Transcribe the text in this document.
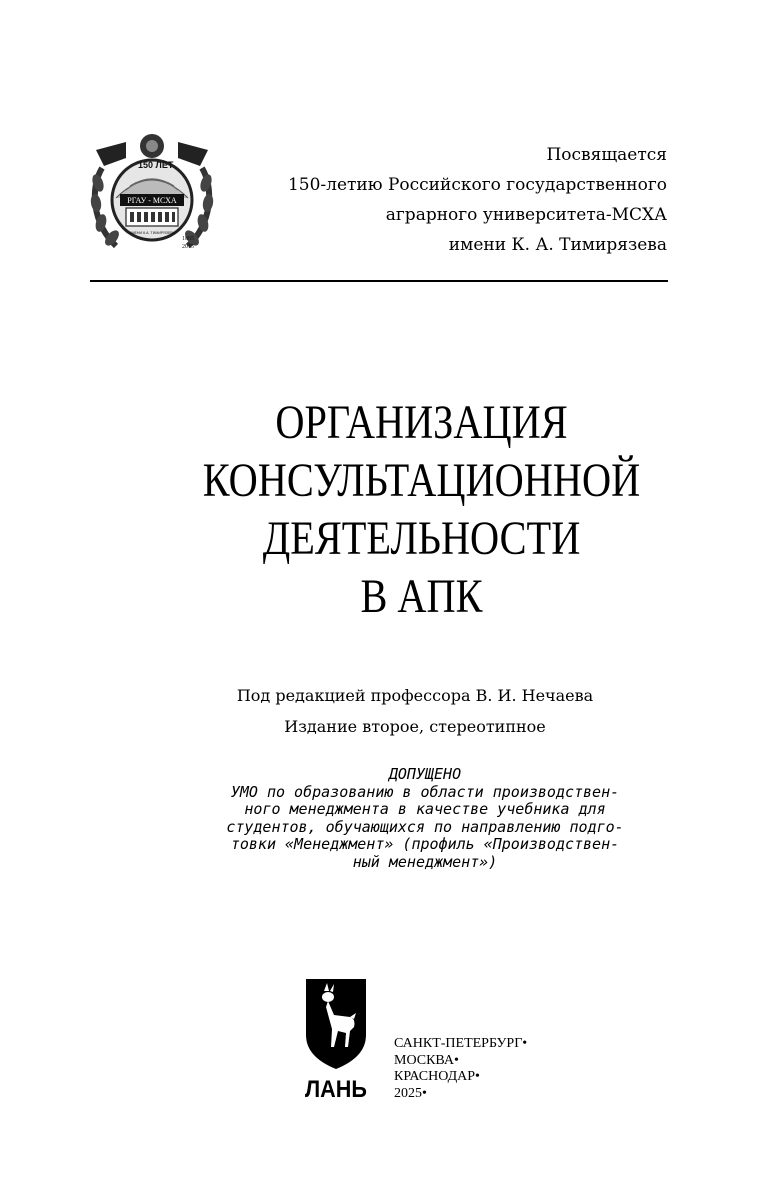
150 ЛЕТ
РГАУ - МСХА
ИМЕНИ К.А. ТИМИРЯЗЕВА
1865
2015
Посвящается
150-летию Российского государственного
аграрного университета-МСХА
имени К. А. Тимирязева
ОРГАНИЗАЦИЯ
КОНСУЛЬТАЦИОННОЙ
ДЕЯТЕЛЬНОСТИ
В АПК
Под редакцией профессора В. И. Нечаева
Издание второе, стереотипное
ДОПУЩЕНО
УМО по образованию в области производствен-
ного менеджмента в качестве учебника для
студентов, обучающихся по направлению подго-
товки «Менеджмент» (профиль «Производствен-
ный менеджмент»)
ЛАНЬ
САНКТ-ПЕТЕРБУРГ•
МОСКВА•
КРАСНОДАР•
2025•
